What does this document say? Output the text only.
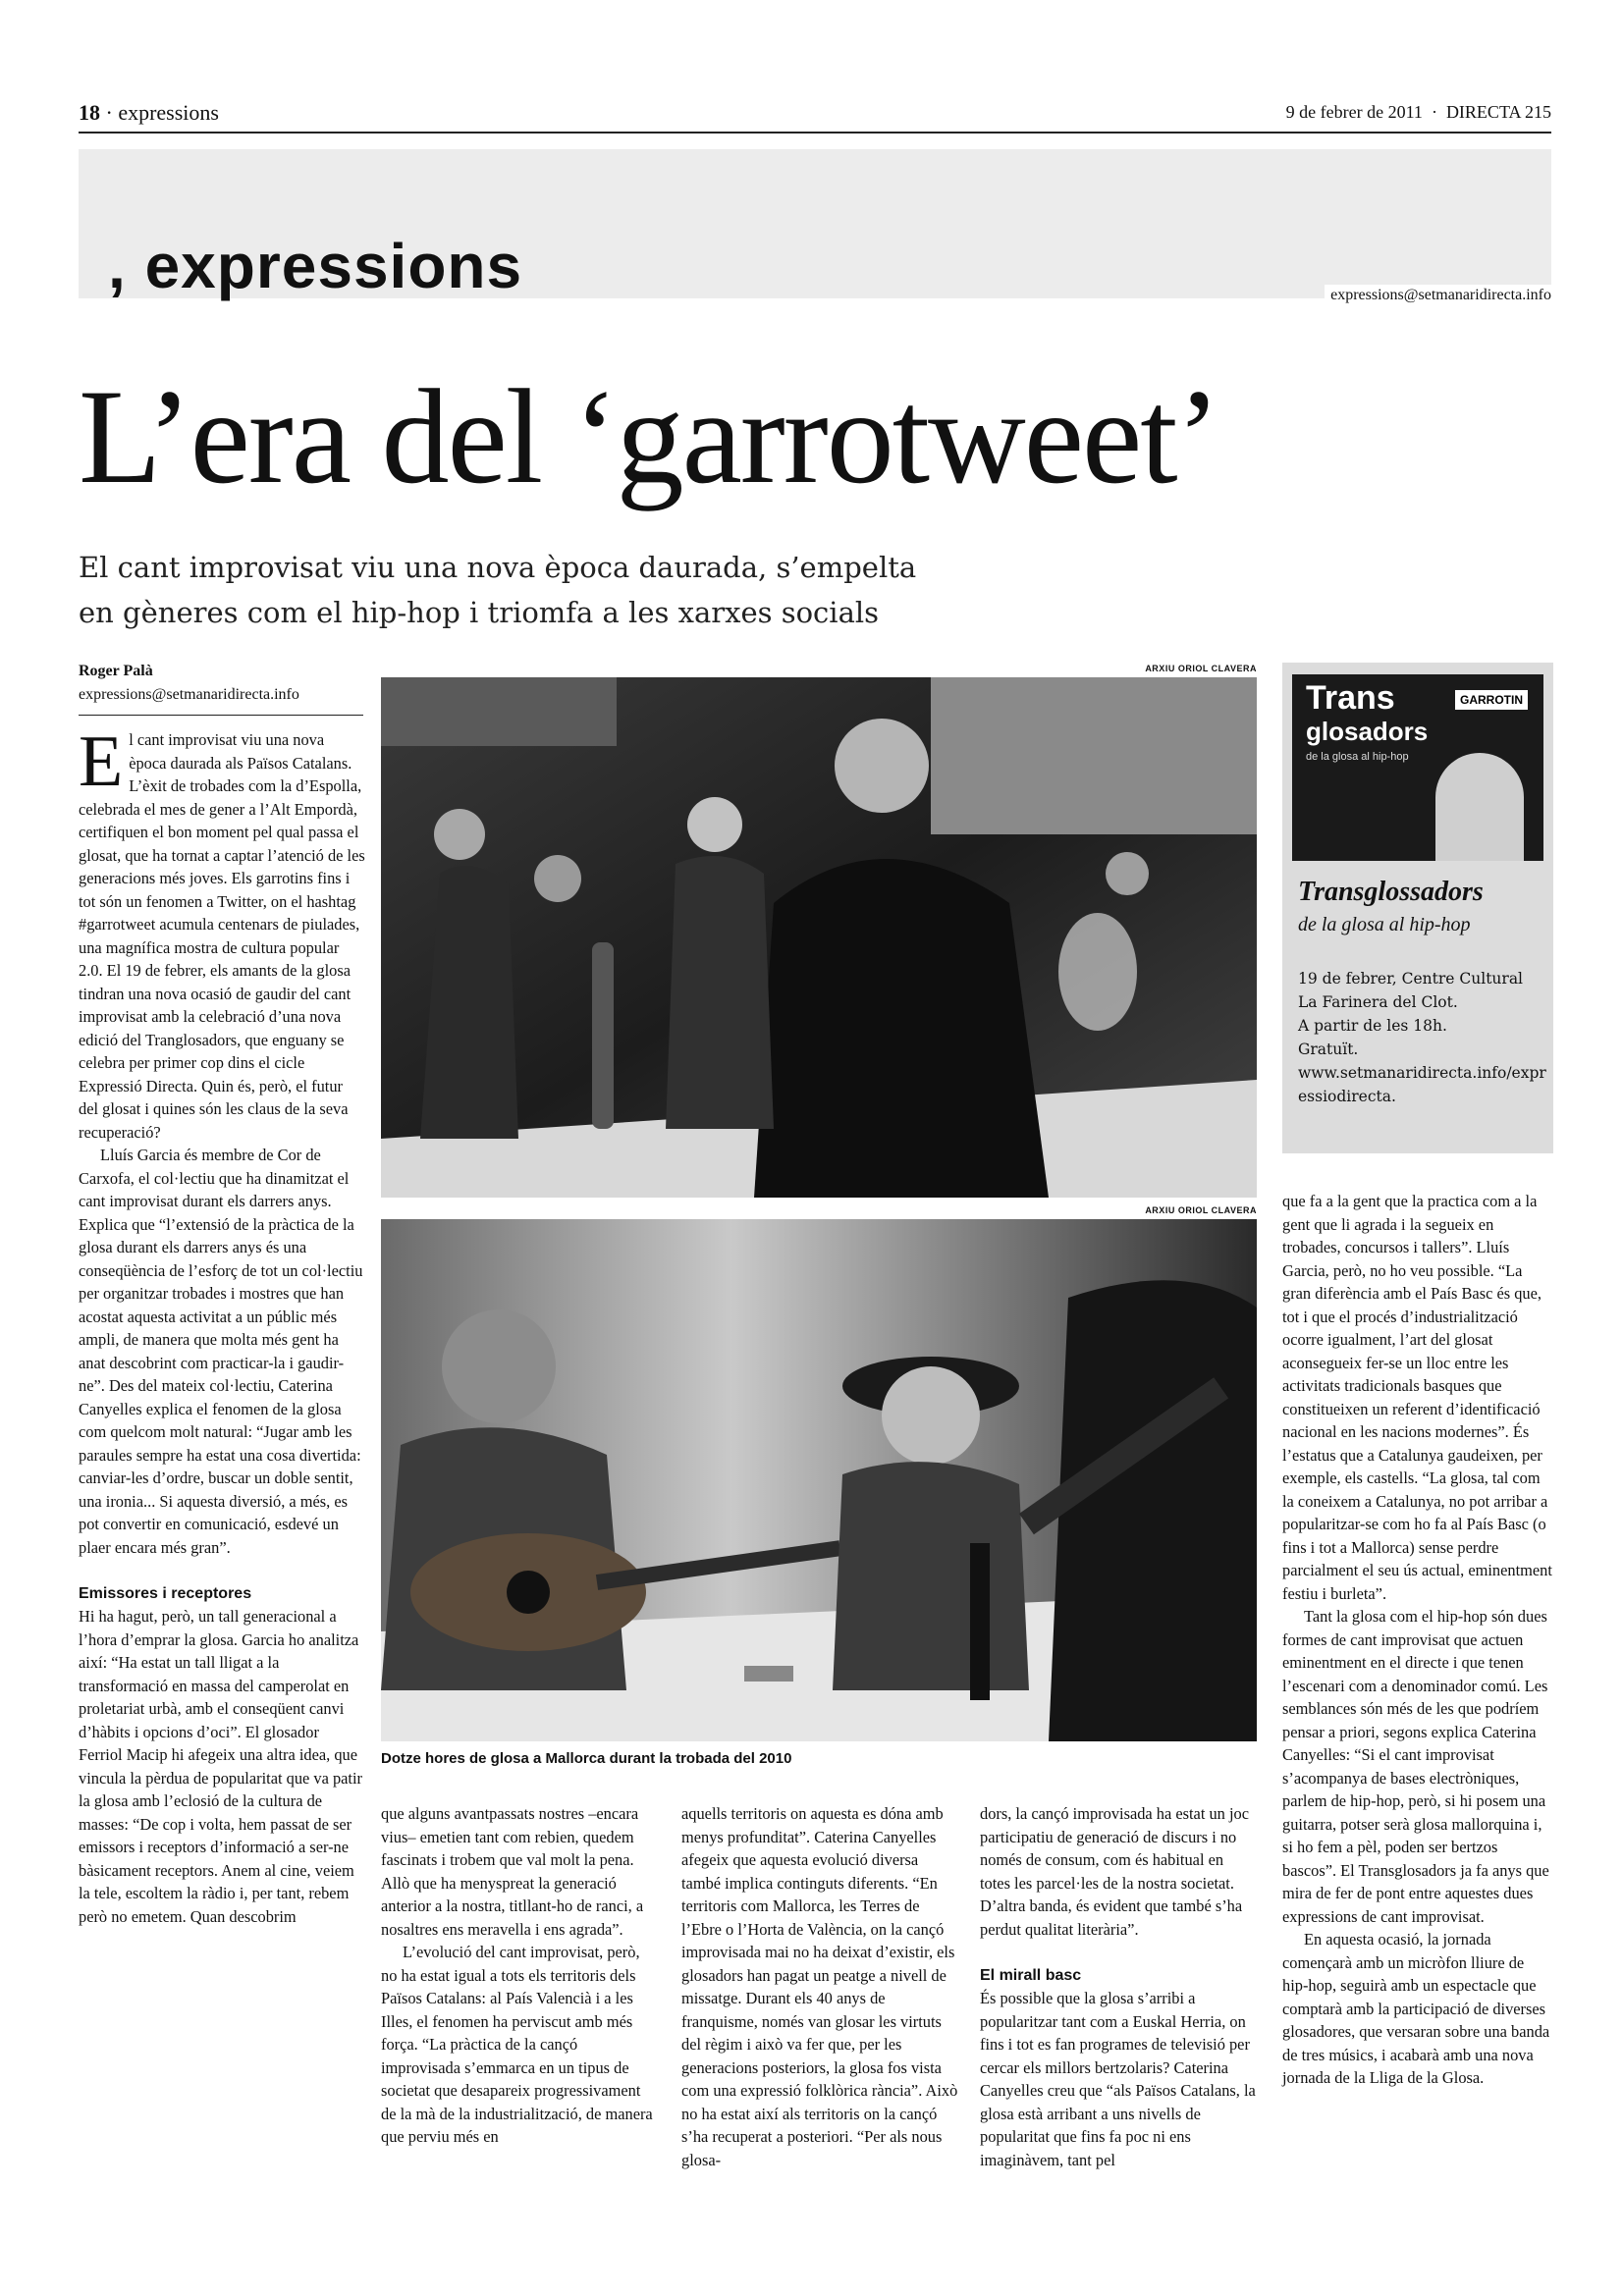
18 · expressions	9 de febrer de 2011  ·  DIRECTA 215
, expressions	expressions@setmanaridirecta.info
L’era del ‘garrotweet’
El cant improvisat viu una nova època daurada, s’empelta
en gèneres com el hip-hop i triomfa a les xarxes socials
Roger Palà
expressions@setmanaridirecta.info

El cant improvisat viu una nova època daurada als Països Catalans. L’èxit de trobades com la d’Espolla, celebrada el mes de gener a l’Alt Empordà, certifiquen el bon moment pel qual passa el glosat, que ha tornat a captar l’atenció de les generacions més joves. Els garrotins fins i tot són un fenomen a Twitter, on el hashtag #garrotweet acumula centenars de piulades, una magnífica mostra de cultura popular 2.0. El 19 de febrer, els amants de la glosa tindran una nova ocasió de gaudir del cant improvisat amb la celebració d’una nova edició del Tranglosadors, que enguany se celebra per primer cop dins el cicle Expressió Directa. Quin és, però, el futur del glosat i quines són les claus de la seva recuperació?

Lluís Garcia és membre de Cor de Carxofa, el col·lectiu que ha dinamitzat el cant improvisat durant els darrers anys. Explica que “l’extensió de la pràctica de la glosa durant els darrers anys és una conseqüència de l’esforç de tot un col·lectiu per organitzar trobades i mostres que han acostat aquesta activitat a un públic més ampli, de manera que molta més gent ha anat descobrint com practicar-la i gaudir-ne”. Des del mateix col·lectiu, Caterina Canyelles explica el fenomen de la glosa com quelcom molt natural: “Jugar amb les paraules sempre ha estat una cosa divertida: canviar-les d’ordre, buscar un doble sentit, una ironia... Si aquesta diversió, a més, es pot convertir en comunicació, esdevé un plaer encara més gran”.

Emissores i receptores

Hi ha hagut, però, un tall generacional a l’hora d’emprar la glosa. Garcia ho analitza així: “Ha estat un tall lligat a la transformació en massa del camperolat en proletariat urbà, amb el conseqüent canvi d’hàbits i opcions d’oci”. El glosador Ferriol Macip hi afegeix una altra idea, que vincula la pèrdua de popularitat que va patir la glosa amb l’eclosió de la cultura de masses: “De cop i volta, hem passat de ser emissors i receptors d’informació a ser-ne bàsicament receptors. Anem al cine, veiem la tele, escoltem la ràdio i, per tant, rebem però no emetem. Quan descobrim

ARXIU ORIOL CLAVERA
ARXIU ORIOL CLAVERA
Dotze hores de glosa a Mallorca durant la trobada del 2010
Trans
glosadors
de la glosa al hip-hop
GARROTIN
Transglossadors
de la glosa al hip-hop
19 de febrer, Centre Cultural
La Farinera del Clot.
A partir de les 18h.
Gratuït.
www.setmanaridirecta.info/expressiodirecta.

que alguns avantpassats nostres –encara vius– emetien tant com rebien, quedem fascinats i trobem que val molt la pena. Allò que ha menyspreat la generació anterior a la nostra, titllant-ho de ranci, a nosaltres ens meravella i ens agrada”.

L’evolució del cant improvisat, però, no ha estat igual a tots els territoris dels Països Catalans: al País Valencià i a les Illes, el fenomen ha perviscut amb més força. “La pràctica de la cançó improvisada s’emmarca en un tipus de societat que desapareix progressivament de la mà de la industrialització, de manera que perviu més en

aquells territoris on aquesta es dóna amb menys profunditat”. Caterina Canyelles afegeix que aquesta evolució diversa també implica continguts diferents. “En territoris com Mallorca, les Terres de l’Ebre o l’Horta de València, on la cançó improvisada mai no ha deixat d’existir, els glosadors han pagat un peatge a nivell de missatge. Durant els 40 anys de franquisme, només van glosar les virtuts del règim i això va fer que, per les generacions posteriors, la glosa fos vista com una expressió folklòrica rància”. Això no ha estat així als territoris on la cançó s’ha recuperat a posteriori. “Per als nous glosa-

dors, la cançó improvisada ha estat un joc participatiu de generació de discurs i no només de consum, com és habitual en totes les parcel·les de la nostra societat. D’altra banda, és evident que també s’ha perdut qualitat literària”.

El mirall basc

És possible que la glosa s’arribi a popularitzar tant com a Euskal Herria, on fins i tot es fan programes de televisió per cercar els millors bertzolaris? Caterina Canyelles creu que “als Països Catalans, la glosa està arribant a uns nivells de popularitat que fins fa poc ni ens imaginàvem, tant pel

que fa a la gent que la practica com a la gent que li agrada i la segueix en trobades, concursos i tallers”. Lluís Garcia, però, no ho veu possible. “La gran diferència amb el País Basc és que, tot i que el procés d’industrialització ocorre igualment, l’art del glosat aconsegueix fer-se un lloc entre les activitats tradicionals basques que constitueixen un referent d’identificació nacional en les nacions modernes”. És l’estatus que a Catalunya gaudeixen, per exemple, els castells. “La glosa, tal com la coneixem a Catalunya, no pot arribar a popularitzar-se com ho fa al País Basc (o fins i tot a Mallorca) sense perdre parcialment el seu ús actual, eminentment festiu i burleta”.

Tant la glosa com el hip-hop són dues formes de cant improvisat que actuen eminentment en el directe i que tenen l’escenari com a denominador comú. Les semblances són més de les que podríem pensar a priori, segons explica Caterina Canyelles: “Si el cant improvisat s’acompanya de bases electròniques, parlem de hip-hop, però, si hi posem una guitarra, potser serà glosa mallorquina i, si ho fem a pèl, poden ser bertzos bascos”. El Transglosadors ja fa anys que mira de fer de pont entre aquestes dues expressions de cant improvisat.

En aquesta ocasió, la jornada començarà amb un micròfon lliure de hip-hop, seguirà amb un espectacle que comptarà amb la participació de diverses glosadores, que versaran sobre una banda de tres músics, i acabarà amb una nova jornada de la Lliga de la Glosa.
